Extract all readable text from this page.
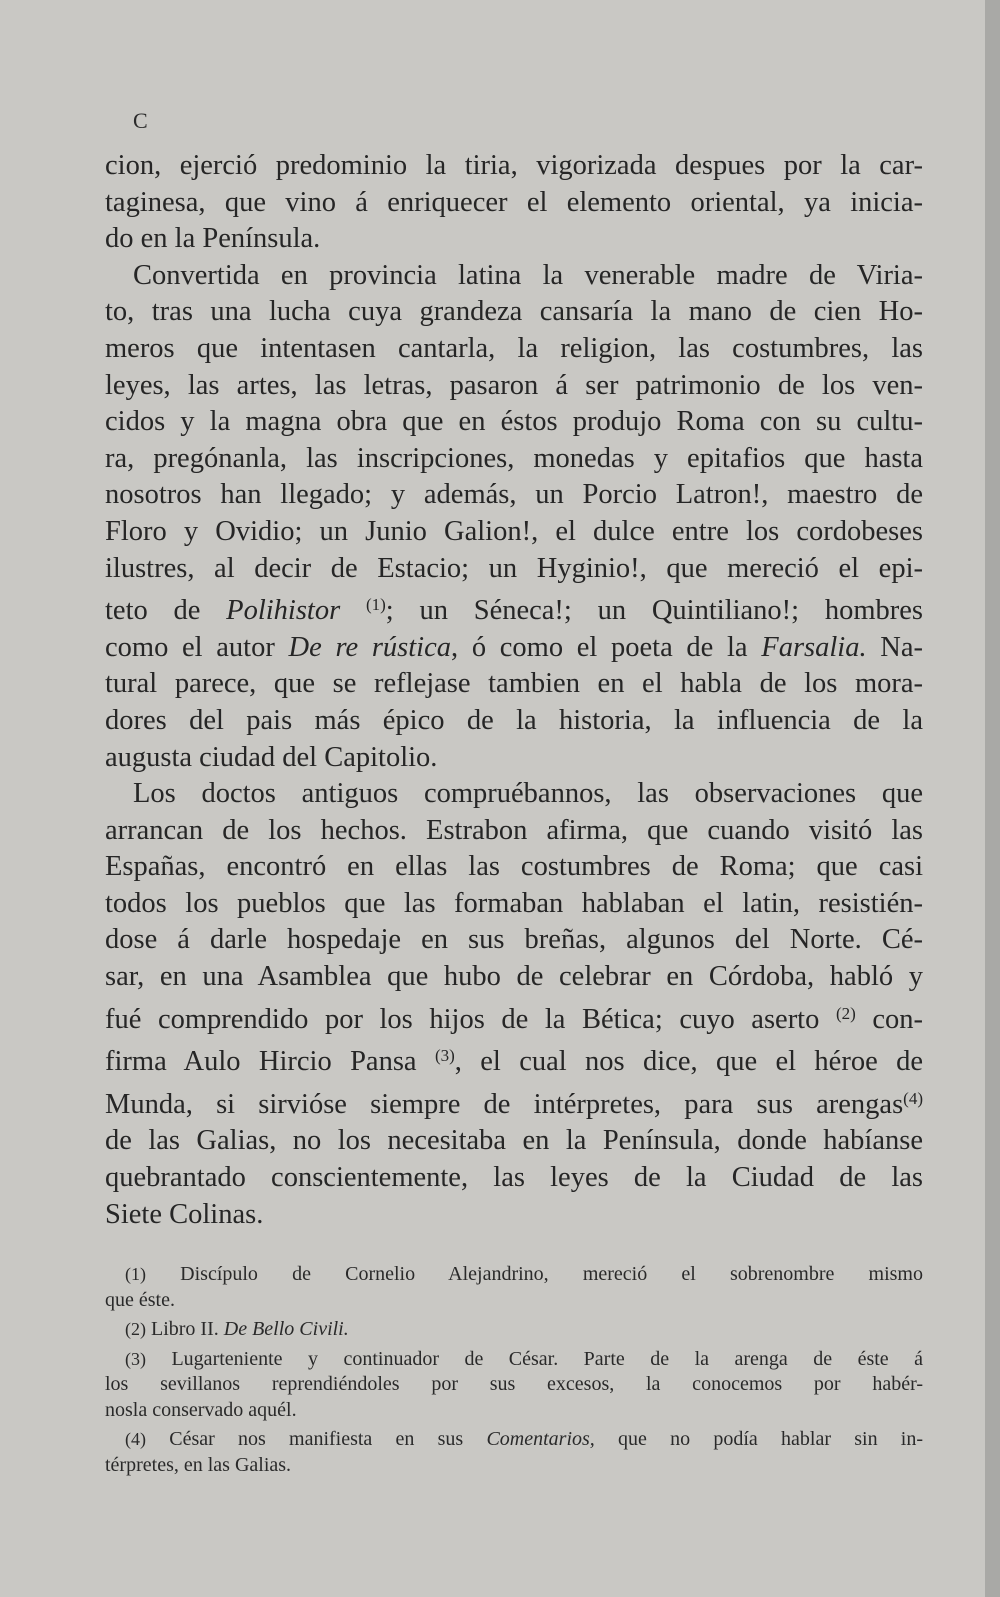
C
cion, ejerció predominio la tiria, vigorizada despues por la car-
taginesa, que vino á enriquecer el elemento oriental, ya inicia-
do en la Península.
Convertida en provincia latina la venerable madre de Viria-
to, tras una lucha cuya grandeza cansaría la mano de cien Ho-
meros que intentasen cantarla, la religion, las costumbres, las
leyes, las artes, las letras, pasaron á ser patrimonio de los ven-
cidos y la magna obra que en éstos produjo Roma con su cultu-
ra, pregónanla, las inscripciones, monedas y epitafios que hasta
nosotros han llegado; y además, un Porcio Latron!, maestro de
Floro y Ovidio; un Junio Galion!, el dulce entre los cordobeses
ilustres, al decir de Estacio; un Hyginio!, que mereció el epi-
teto de Polihistor $^{(1)}$; un Séneca!; un Quintiliano!; hombres
como el autor De re rústica, ó como el poeta de la Farsalia. Na-
tural parece, que se reflejase tambien en el habla de los mora-
dores del pais más épico de la historia, la influencia de la
augusta ciudad del Capitolio.
Los doctos antiguos compruébannos, las observaciones que
arrancan de los hechos. Estrabon afirma, que cuando visitó las
Españas, encontró en ellas las costumbres de Roma; que casi
todos los pueblos que las formaban hablaban el latin, resistién-
dose á darle hospedaje en sus breñas, algunos del Norte. Cé-
sar, en una Asamblea que hubo de celebrar en Córdoba, habló y
fué comprendido por los hijos de la Bética; cuyo aserto $^{(2)}$ con-
firma Aulo Hircio Pansa $^{(3)}$, el cual nos dice, que el héroe de
Munda, si sirvióse siempre de intérpretes, para sus arengas$^{(4)}$
de las Galias, no los necesitaba en la Península, donde habíanse
quebrantado conscientemente, las leyes de la Ciudad de las
Siete Colinas.
(1) Discípulo de Cornelio Alejandrino, mereció el sobrenombre mismo
que éste.
(2) Libro II. De Bello Civili.
(3) Lugarteniente y continuador de César. Parte de la arenga de éste á
los sevillanos reprendiéndoles por sus excesos, la conocemos por habér-
nosla conservado aquél.
(4) César nos manifiesta en sus Comentarios, que no podía hablar sin in-
térpretes, en las Galias.
